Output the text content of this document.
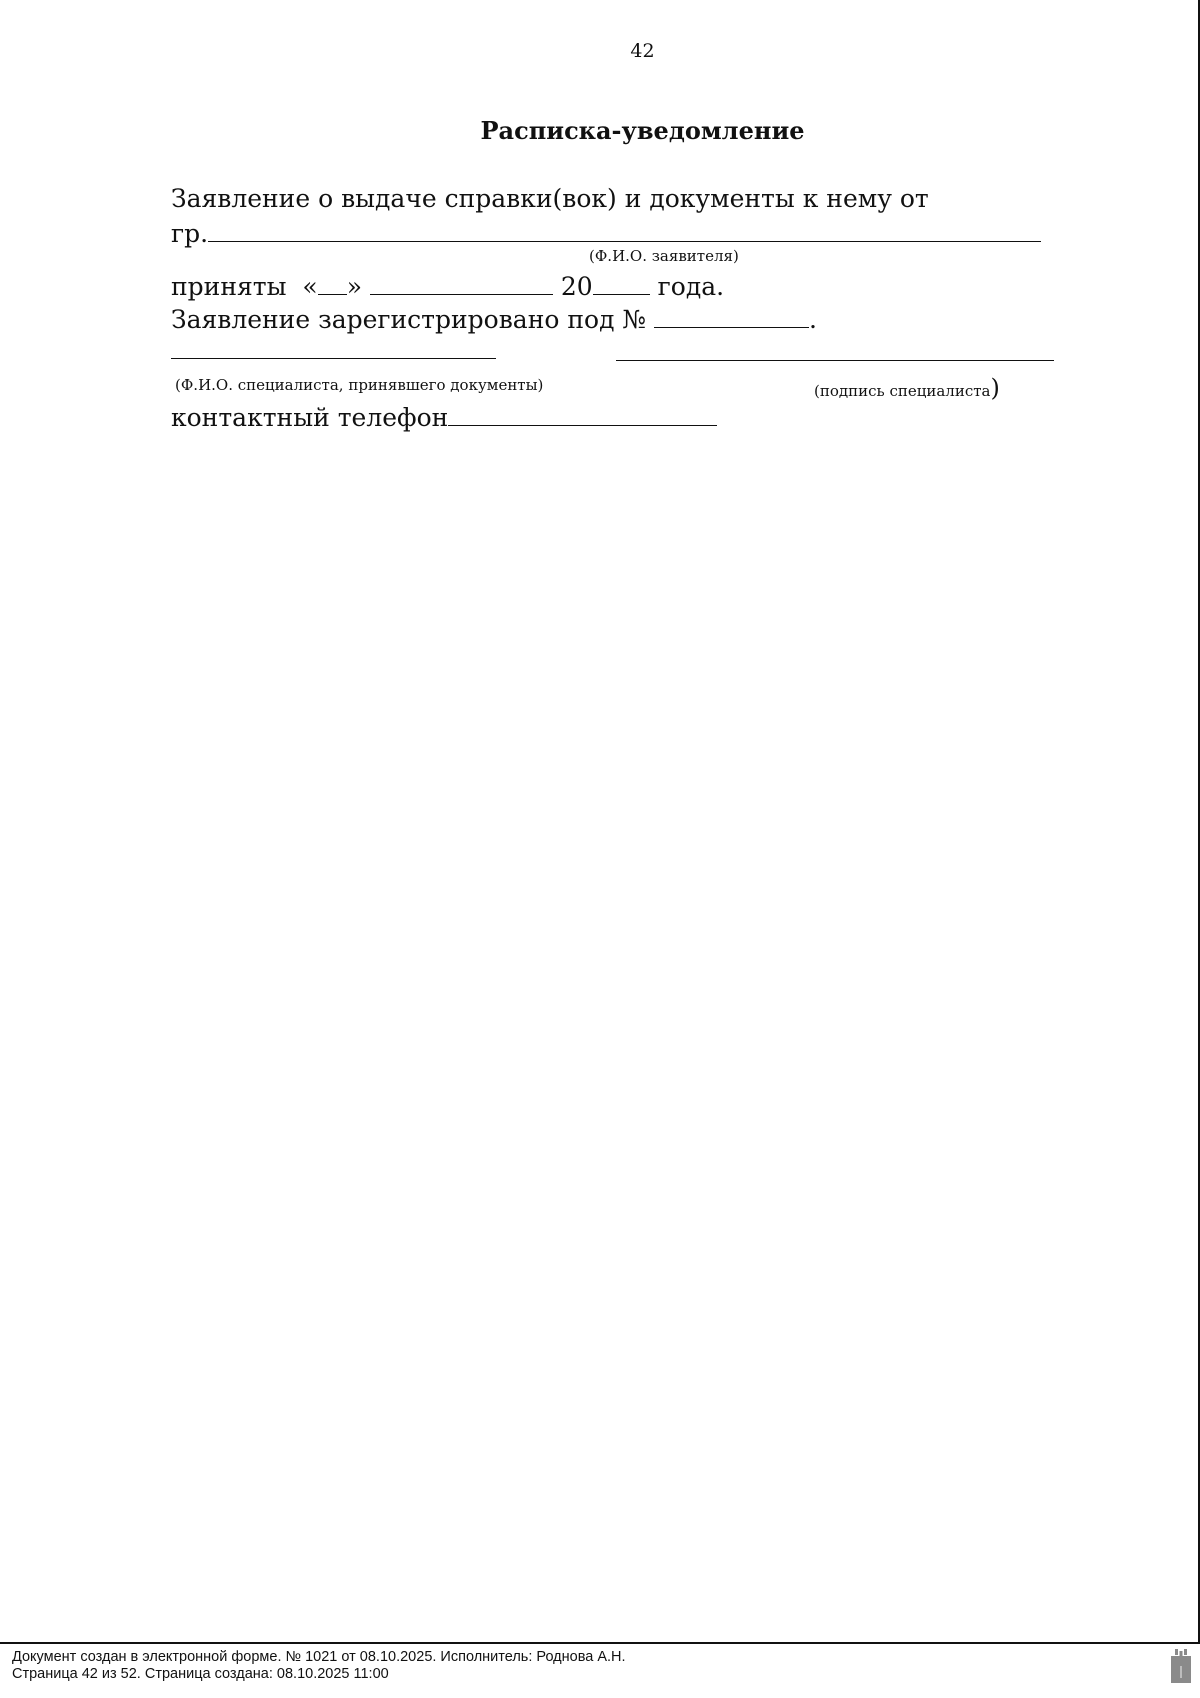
42
Расписка-уведомление
Заявление о выдаче справки(вок) и документы к нему от
гр.
(Ф.И.О. заявителя)
приняты « »	20	года.
Заявление зарегистрировано под №	.
(Ф.И.О. специалиста, принявшего документы)	(подпись специалиста)
контактный телефон
Документ создан в электронной форме. № 1021 от 08.10.2025. Исполнитель: Роднова А.Н.
Страница 42 из 52. Страница создана: 08.10.2025 11:00
